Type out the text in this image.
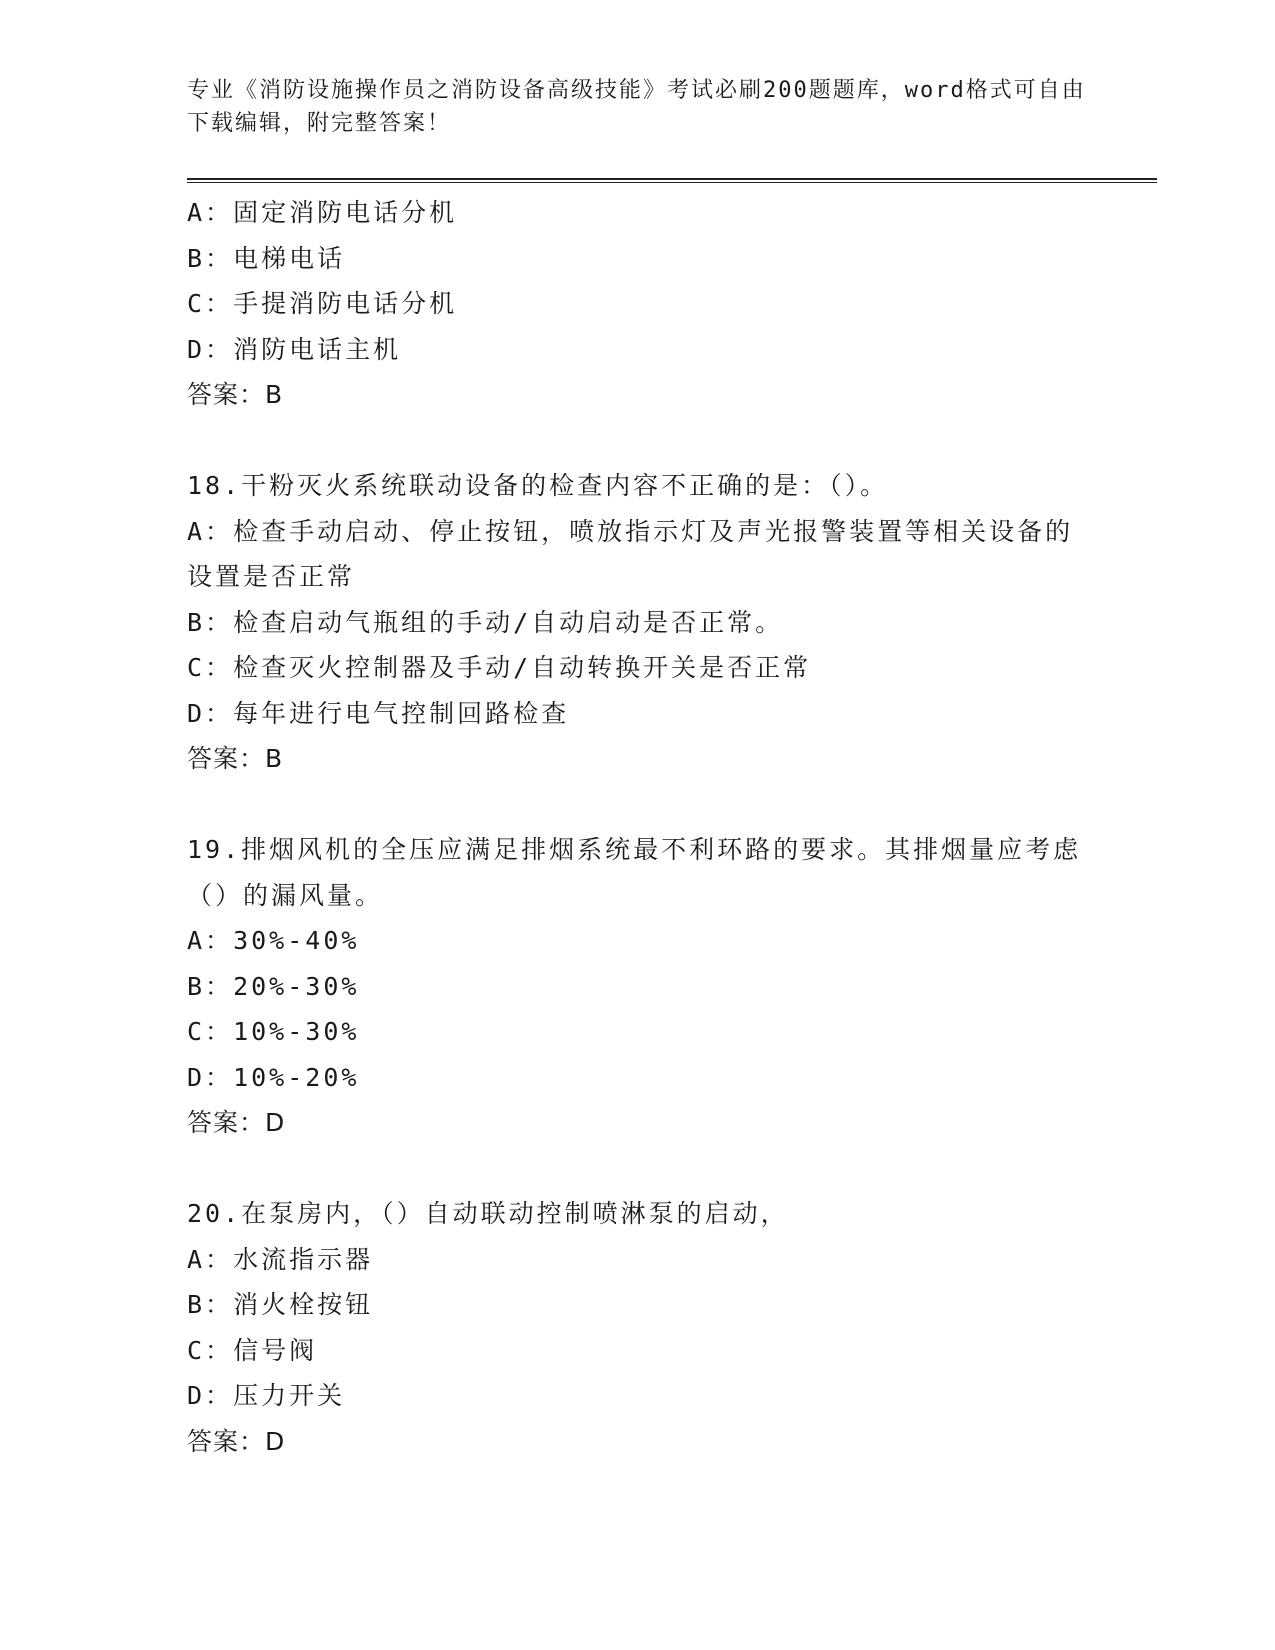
专业《消防设施操作员之消防设备高级技能》考试必刷200题题库，word格式可自由下载编辑，附完整答案！
A：固定消防电话分机
B：电梯电话
C：手提消防电话分机
D：消防电话主机
答案：B
18.干粉灭火系统联动设备的检查内容不正确的是：（）。
A：检查手动启动、停止按钮，喷放指示灯及声光报警装置等相关设备的设置是否正常
B：检查启动气瓶组的手动/自动启动是否正常。
C：检查灭火控制器及手动/自动转换开关是否正常
D：每年进行电气控制回路检查
答案：B
19.排烟风机的全压应满足排烟系统最不利环路的要求。其排烟量应考虑（）的漏风量。
A：30%-40%
B：20%-30%
C：10%-30%
D：10%-20%
答案：D
20.在泵房内，（）自动联动控制喷淋泵的启动，
A：水流指示器
B：消火栓按钮
C：信号阀
D：压力开关
答案：D
